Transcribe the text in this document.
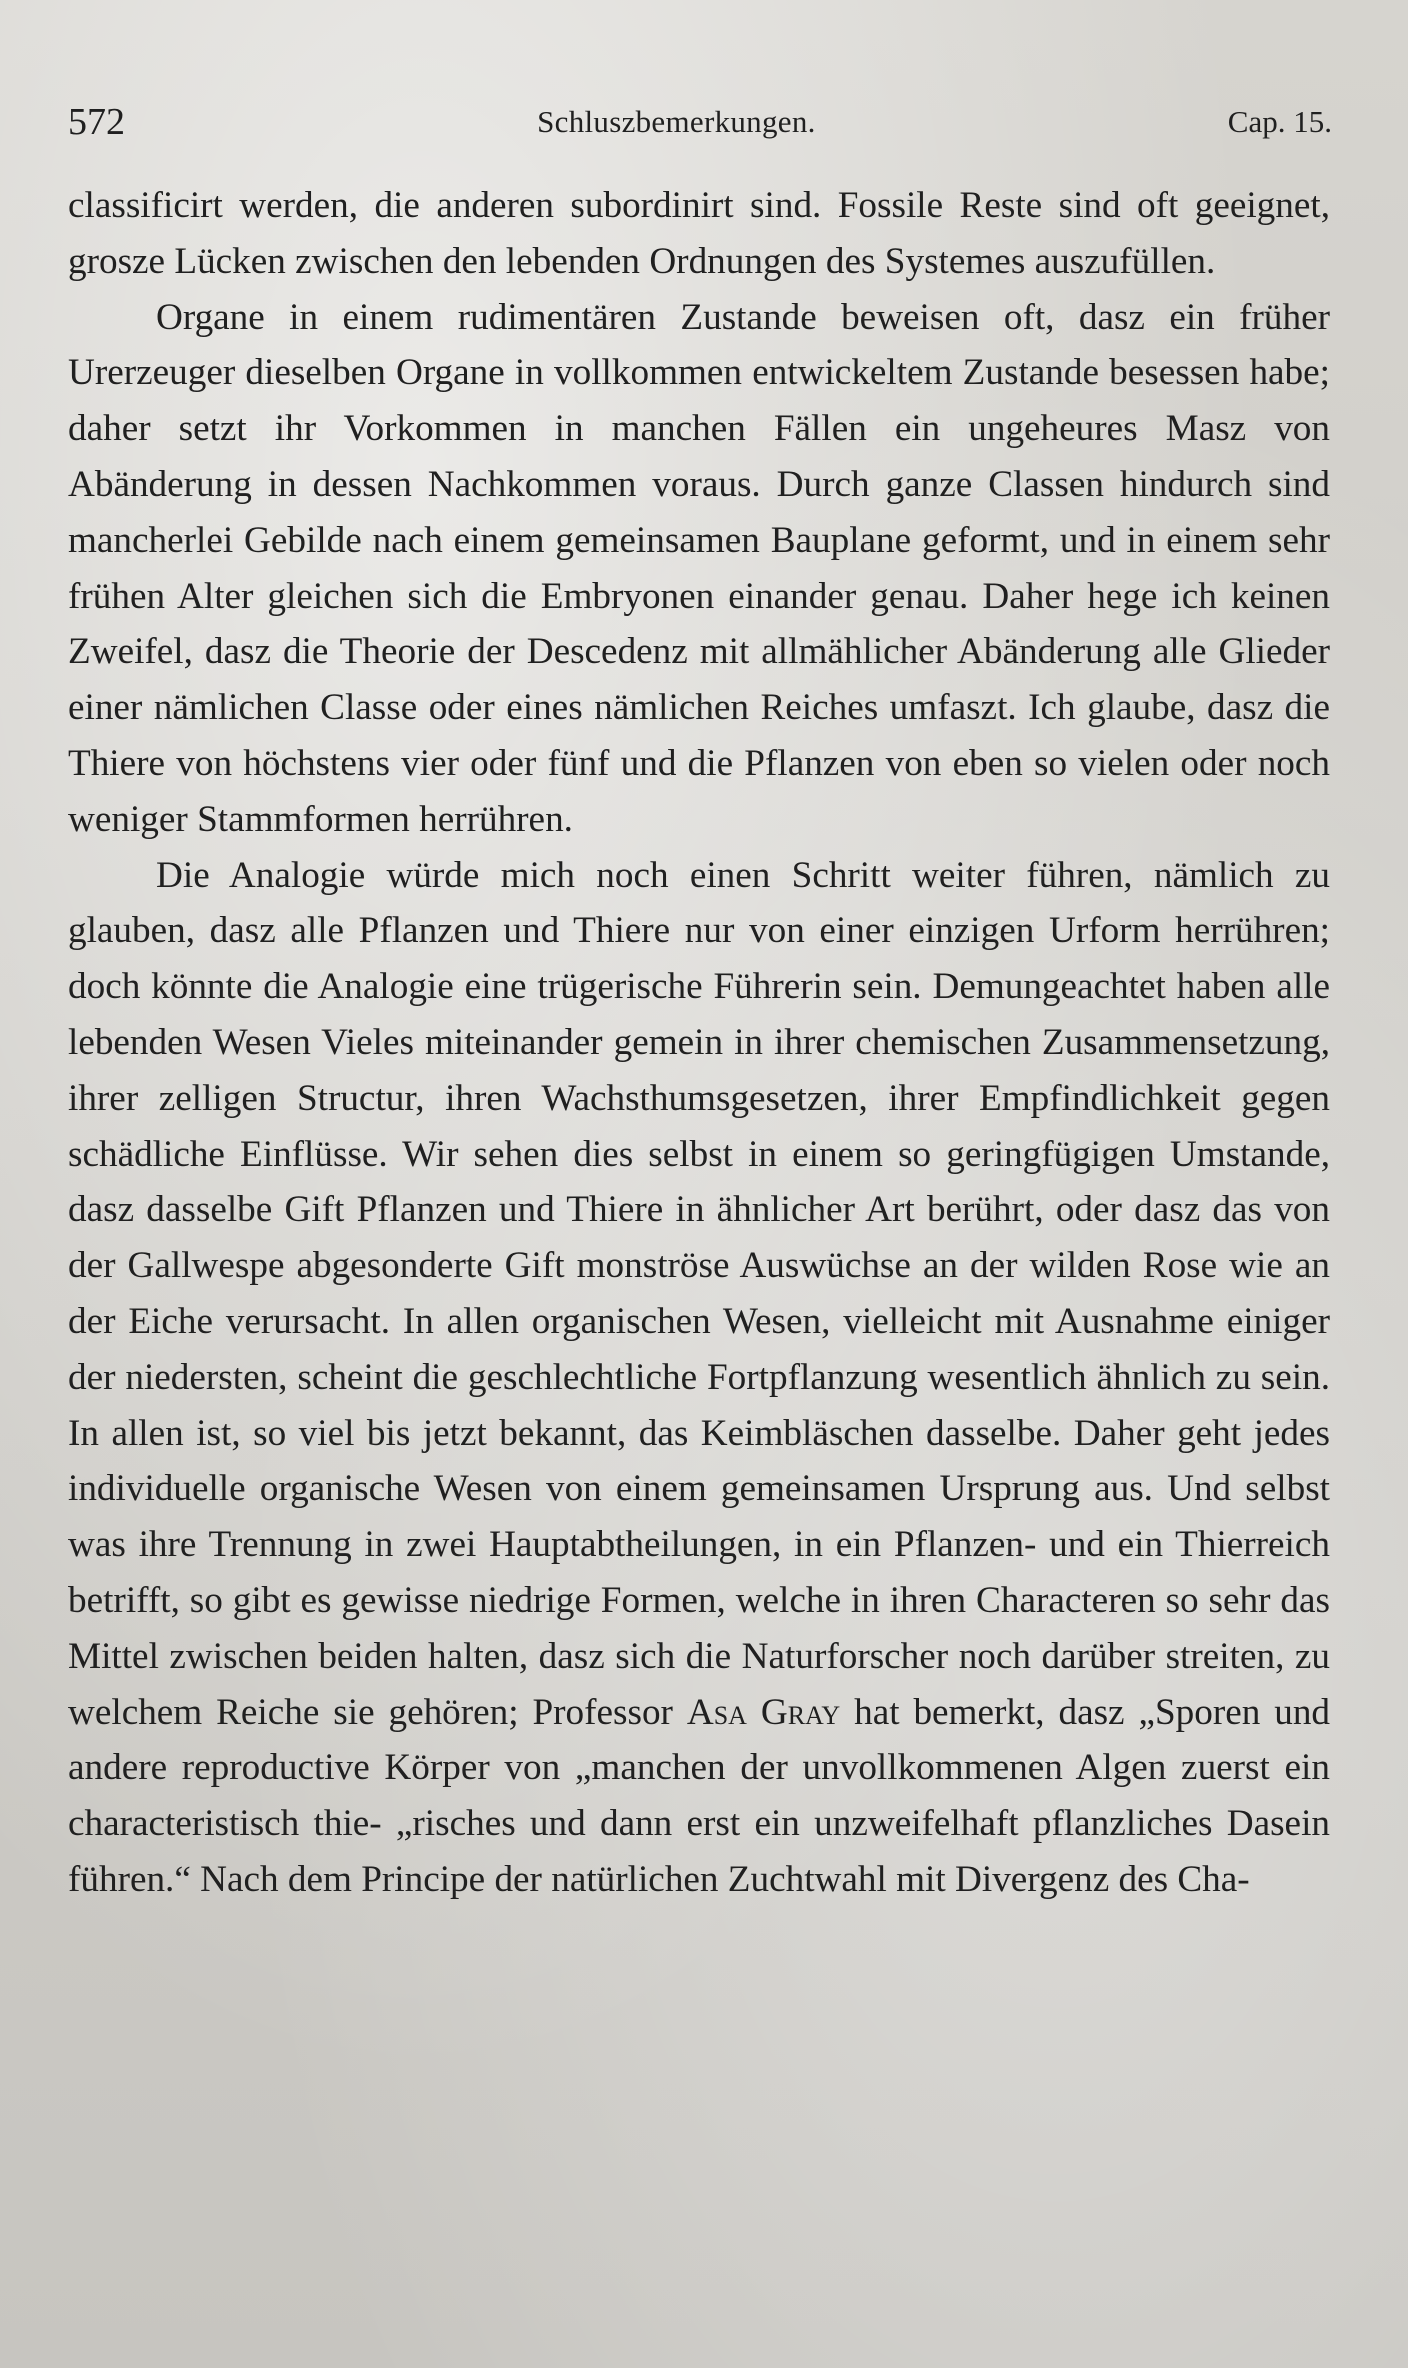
572	Schluszbemerkungen.	Cap. 15.

classificirt werden, die anderen subordinirt sind. Fossile Reste sind oft geeignet, grosze Lücken zwischen den lebenden Ordnungen des Systemes auszufüllen.

Organe in einem rudimentären Zustande beweisen oft, dasz ein früher Urerzeuger dieselben Organe in vollkommen entwickeltem Zustande besessen habe; daher setzt ihr Vorkommen in manchen Fällen ein ungeheures Masz von Abänderung in dessen Nachkommen voraus. Durch ganze Classen hindurch sind mancherlei Gebilde nach einem gemeinsamen Bauplane geformt, und in einem sehr frühen Alter gleichen sich die Embryonen einander genau. Daher hege ich keinen Zweifel, dasz die Theorie der Descedenz mit allmählicher Abänderung alle Glieder einer nämlichen Classe oder eines nämlichen Reiches umfaszt. Ich glaube, dasz die Thiere von höchstens vier oder fünf und die Pflanzen von eben so vielen oder noch weniger Stammformen herrühren.

Die Analogie würde mich noch einen Schritt weiter führen, nämlich zu glauben, dasz alle Pflanzen und Thiere nur von einer einzigen Urform herrühren; doch könnte die Analogie eine trügerische Führerin sein. Demungeachtet haben alle lebenden Wesen Vieles miteinander gemein in ihrer chemischen Zusammensetzung, ihrer zelligen Structur, ihren Wachsthumsgesetzen, ihrer Empfindlichkeit gegen schädliche Einflüsse. Wir sehen dies selbst in einem so geringfügigen Umstande, dasz dasselbe Gift Pflanzen und Thiere in ähnlicher Art berührt, oder dasz das von der Gallwespe abgesonderte Gift monströse Auswüchse an der wilden Rose wie an der Eiche verursacht. In allen organischen Wesen, vielleicht mit Ausnahme einiger der niedersten, scheint die geschlechtliche Fortpflanzung wesentlich ähnlich zu sein. In allen ist, so viel bis jetzt bekannt, das Keimbläschen dasselbe. Daher geht jedes individuelle organische Wesen von einem gemeinsamen Ursprung aus. Und selbst was ihre Trennung in zwei Hauptabtheilungen, in ein Pflanzen- und ein Thierreich betrifft, so gibt es gewisse niedrige Formen, welche in ihren Characteren so sehr das Mittel zwischen beiden halten, dasz sich die Naturforscher noch darüber streiten, zu welchem Reiche sie gehören; Professor Asa Gray hat bemerkt, dasz „Sporen und andere reproductive Körper von „manchen der unvollkommenen Algen zuerst ein characteristisch thie- „risches und dann erst ein unzweifelhaft pflanzliches Dasein führen.“ Nach dem Principe der natürlichen Zuchtwahl mit Divergenz des Cha-
